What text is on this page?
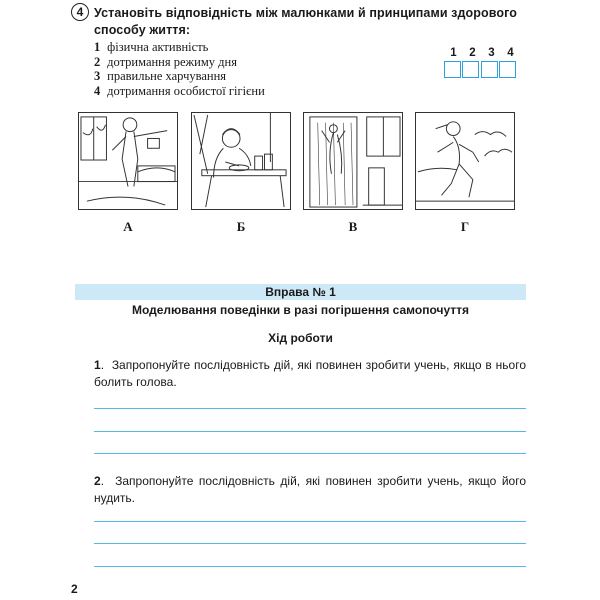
4 Установіть відповідність між малюнками й принципами здорового способу життя:
1 фізична активність
2 дотримання режиму дня
3 правильне харчування
4 дотримання особистої гігієни
1	2	3	4
А	Б	В	Г
Вправа № 1
Моделювання поведінки в разі погіршення самопочуття
Хід роботи
1.  Запропонуйте послідовність дій, які повинен зробити учень, якщо в нього болить голова.
2.  Запропонуйте послідовність дій, які повинен зробити учень, якщо його нудить.
2
